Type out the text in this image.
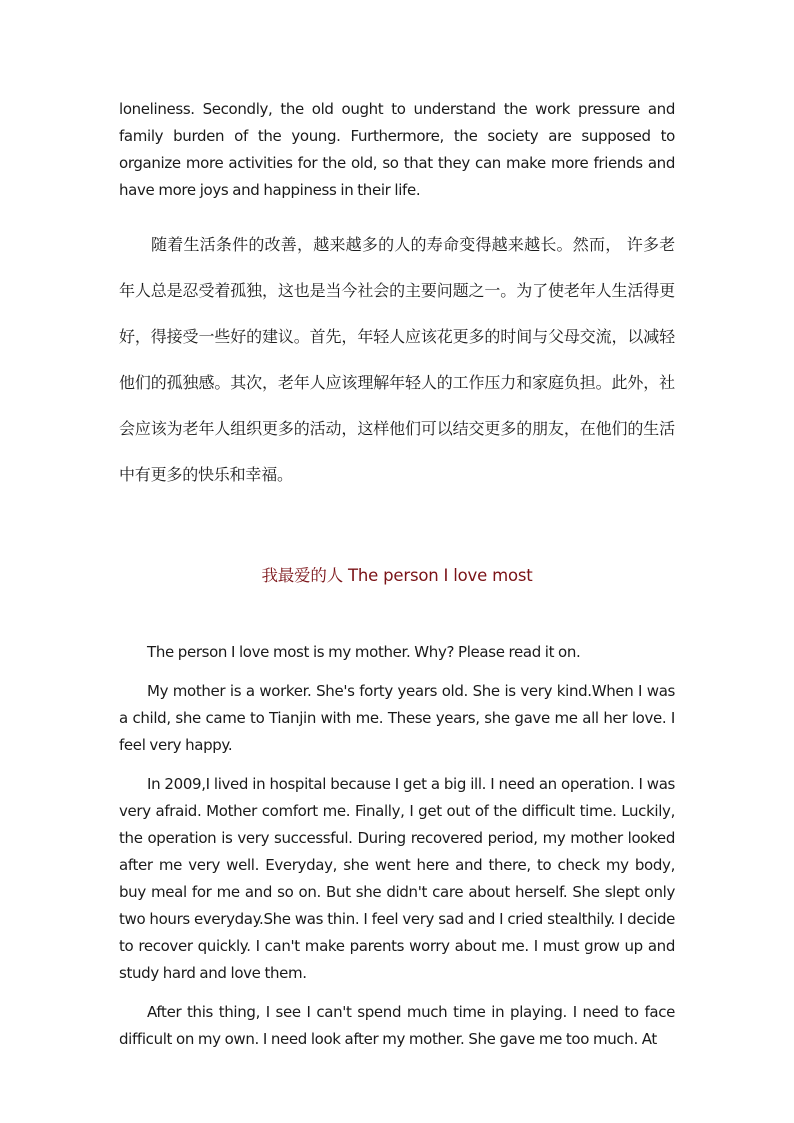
loneliness. Secondly, the old ought to understand the work pressure and family burden of the young. Furthermore, the society are supposed to organize more activities for the old, so that they can make more friends and have more joys and happiness in their life.

随着生活条件的改善，越来越多的人的寿命变得越来越长。然而， 许多老年人总是忍受着孤独，这也是当今社会的主要问题之一。为了使老年人生活得更好，得接受一些好的建议。首先，年轻人应该花更多的时间与父母交流，以减轻他们的孤独感。其次，老年人应该理解年轻人的工作压力和家庭负担。此外，社会应该为老年人组织更多的活动，这样他们可以结交更多的朋友，在他们的生活中有更多的快乐和幸福。

我最爱的人 The person I love most

The person I love most is my mother. Why? Please read it on.

My mother is a worker. She's forty years old. She is very kind.When I was a child, she came to Tianjin with me. These years, she gave me all her love. I feel very happy.

In 2009,I lived in hospital because I get a big ill. I need an operation. I was very afraid. Mother comfort me. Finally, I get out of the difficult time. Luckily, the operation is very successful. During recovered period, my mother looked after me very well. Everyday, she went here and there, to check my body, buy meal for me and so on. But she didn't care about herself. She slept only two hours everyday.She was thin. I feel very sad and I cried stealthily. I decide to recover quickly. I can't make parents worry about me. I must grow up and study hard and love them.

After this thing, I see I can't spend much time in playing. I need to face difficult on my own. I need look after my mother. She gave me too much. At
